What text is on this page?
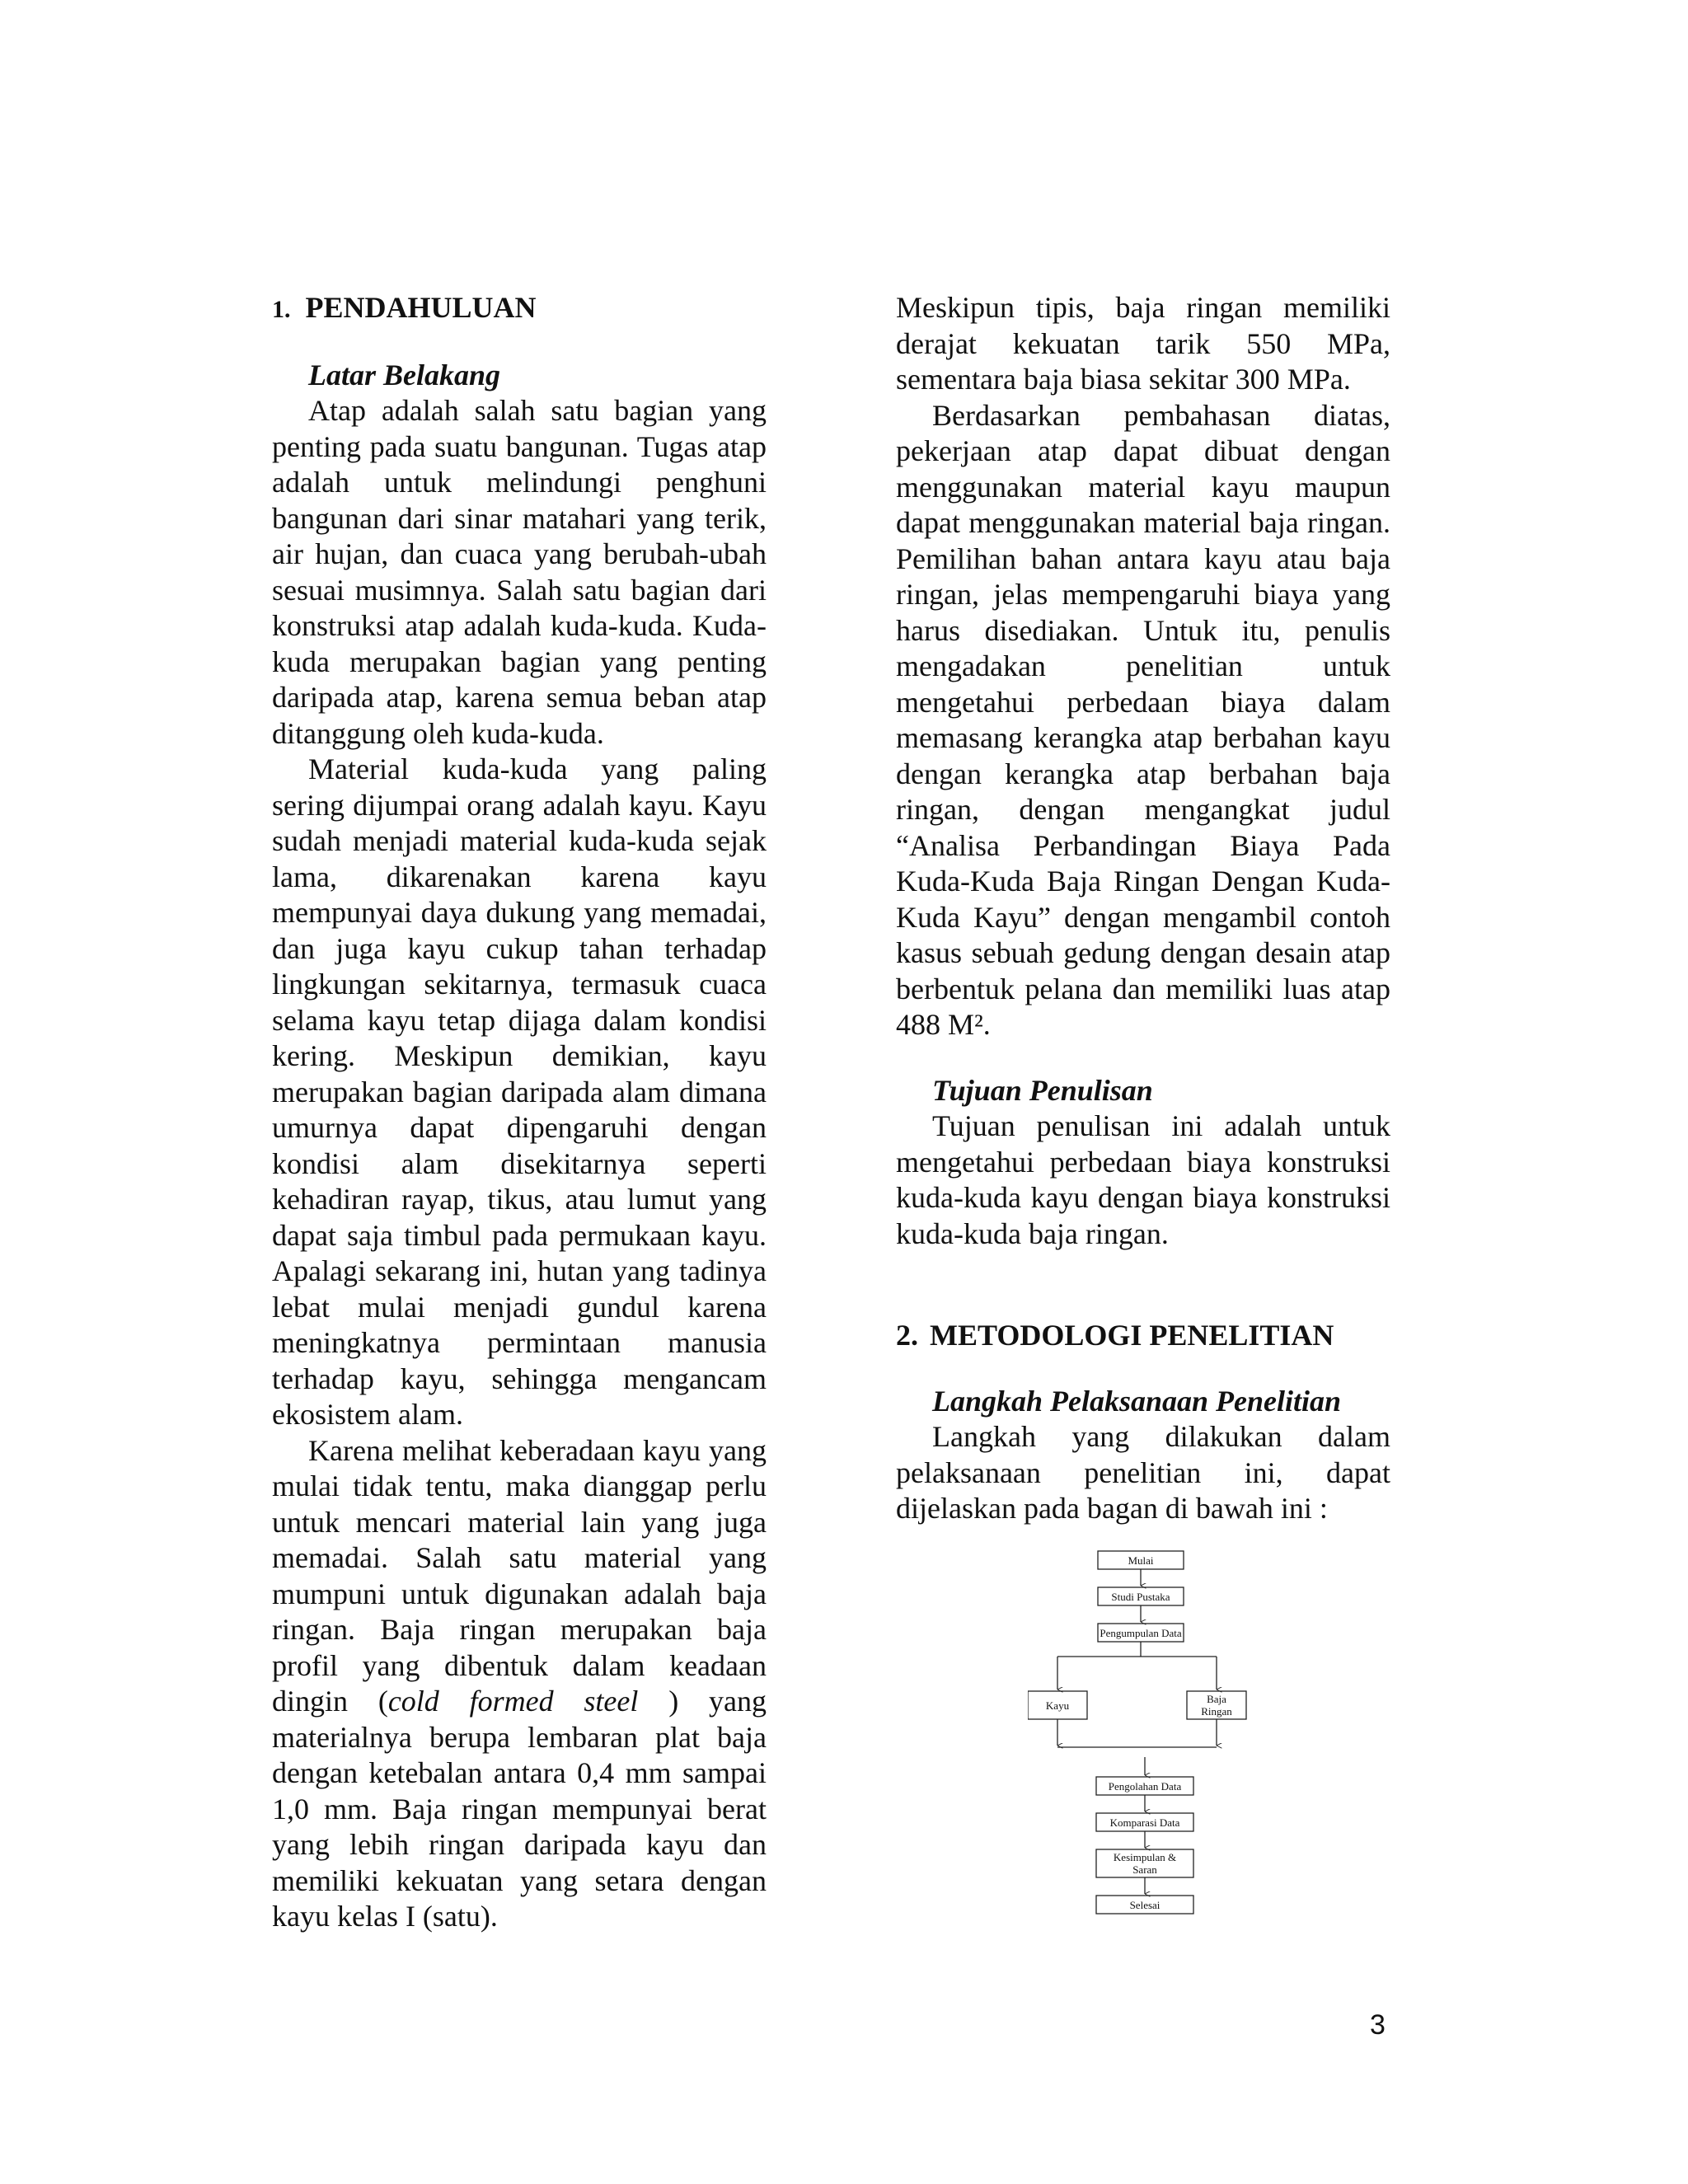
1. PENDAHULUAN
Latar Belakang

Atap adalah salah satu bagian yang penting pada suatu bangunan. Tugas atap adalah untuk melindungi penghuni bangunan dari sinar matahari yang terik, air hujan, dan cuaca yang berubah-ubah sesuai musimnya. Salah satu bagian dari konstruksi atap adalah kuda-kuda. Kuda-kuda merupakan bagian yang penting daripada atap, karena semua beban atap ditanggung oleh kuda-kuda.

Material kuda-kuda yang paling sering dijumpai orang adalah kayu. Kayu sudah menjadi material kuda-kuda sejak lama, dikarenakan karena kayu mempunyai daya dukung yang memadai, dan juga kayu cukup tahan terhadap lingkungan sekitarnya, termasuk cuaca selama kayu tetap dijaga dalam kondisi kering. Meskipun demikian, kayu merupakan bagian daripada alam dimana umurnya dapat dipengaruhi dengan kondisi alam disekitarnya seperti kehadiran rayap, tikus, atau lumut yang dapat saja timbul pada permukaan kayu. Apalagi sekarang ini, hutan yang tadinya lebat mulai menjadi gundul karena meningkatnya permintaan manusia terhadap kayu, sehingga mengancam ekosistem alam.

Karena melihat keberadaan kayu yang mulai tidak tentu, maka dianggap perlu untuk mencari material lain yang juga memadai. Salah satu material yang mumpuni untuk digunakan adalah baja ringan. Baja ringan merupakan baja profil yang dibentuk dalam keadaan dingin (cold formed steel ) yang materialnya berupa lembaran plat baja dengan ketebalan antara 0,4 mm sampai 1,0 mm. Baja ringan mempunyai berat yang lebih ringan daripada kayu dan memiliki kekuatan yang setara dengan kayu kelas I (satu).

Meskipun tipis, baja ringan memiliki derajat kekuatan tarik 550 MPa, sementara baja biasa sekitar 300 MPa.

Berdasarkan pembahasan diatas, pekerjaan atap dapat dibuat dengan menggunakan material kayu maupun dapat menggunakan material baja ringan. Pemilihan bahan antara kayu atau baja ringan, jelas mempengaruhi biaya yang harus disediakan. Untuk itu, penulis mengadakan penelitian untuk mengetahui perbedaan biaya dalam memasang kerangka atap berbahan kayu dengan kerangka atap berbahan baja ringan, dengan mengangkat judul “Analisa Perbandingan Biaya Pada Kuda-Kuda Baja Ringan Dengan Kuda-Kuda Kayu” dengan mengambil contoh kasus sebuah gedung dengan desain atap berbentuk pelana dan memiliki luas atap 488 M².

Tujuan Penulisan

Tujuan penulisan ini adalah untuk mengetahui perbedaan biaya konstruksi kuda-kuda kayu dengan biaya konstruksi kuda-kuda baja ringan.

2. METODOLOGI PENELITIAN
Langkah Pelaksanaan Penelitian

Langkah yang dilakukan dalam pelaksanaan penelitian ini, dapat dijelaskan pada bagan di bawah ini :

Mulai
Studi Pustaka
Pengumpulan Data
Kayu
Baja
Ringan
Pengolahan Data
Komparasi Data
Kesimpulan &
Saran
Selesai
3
